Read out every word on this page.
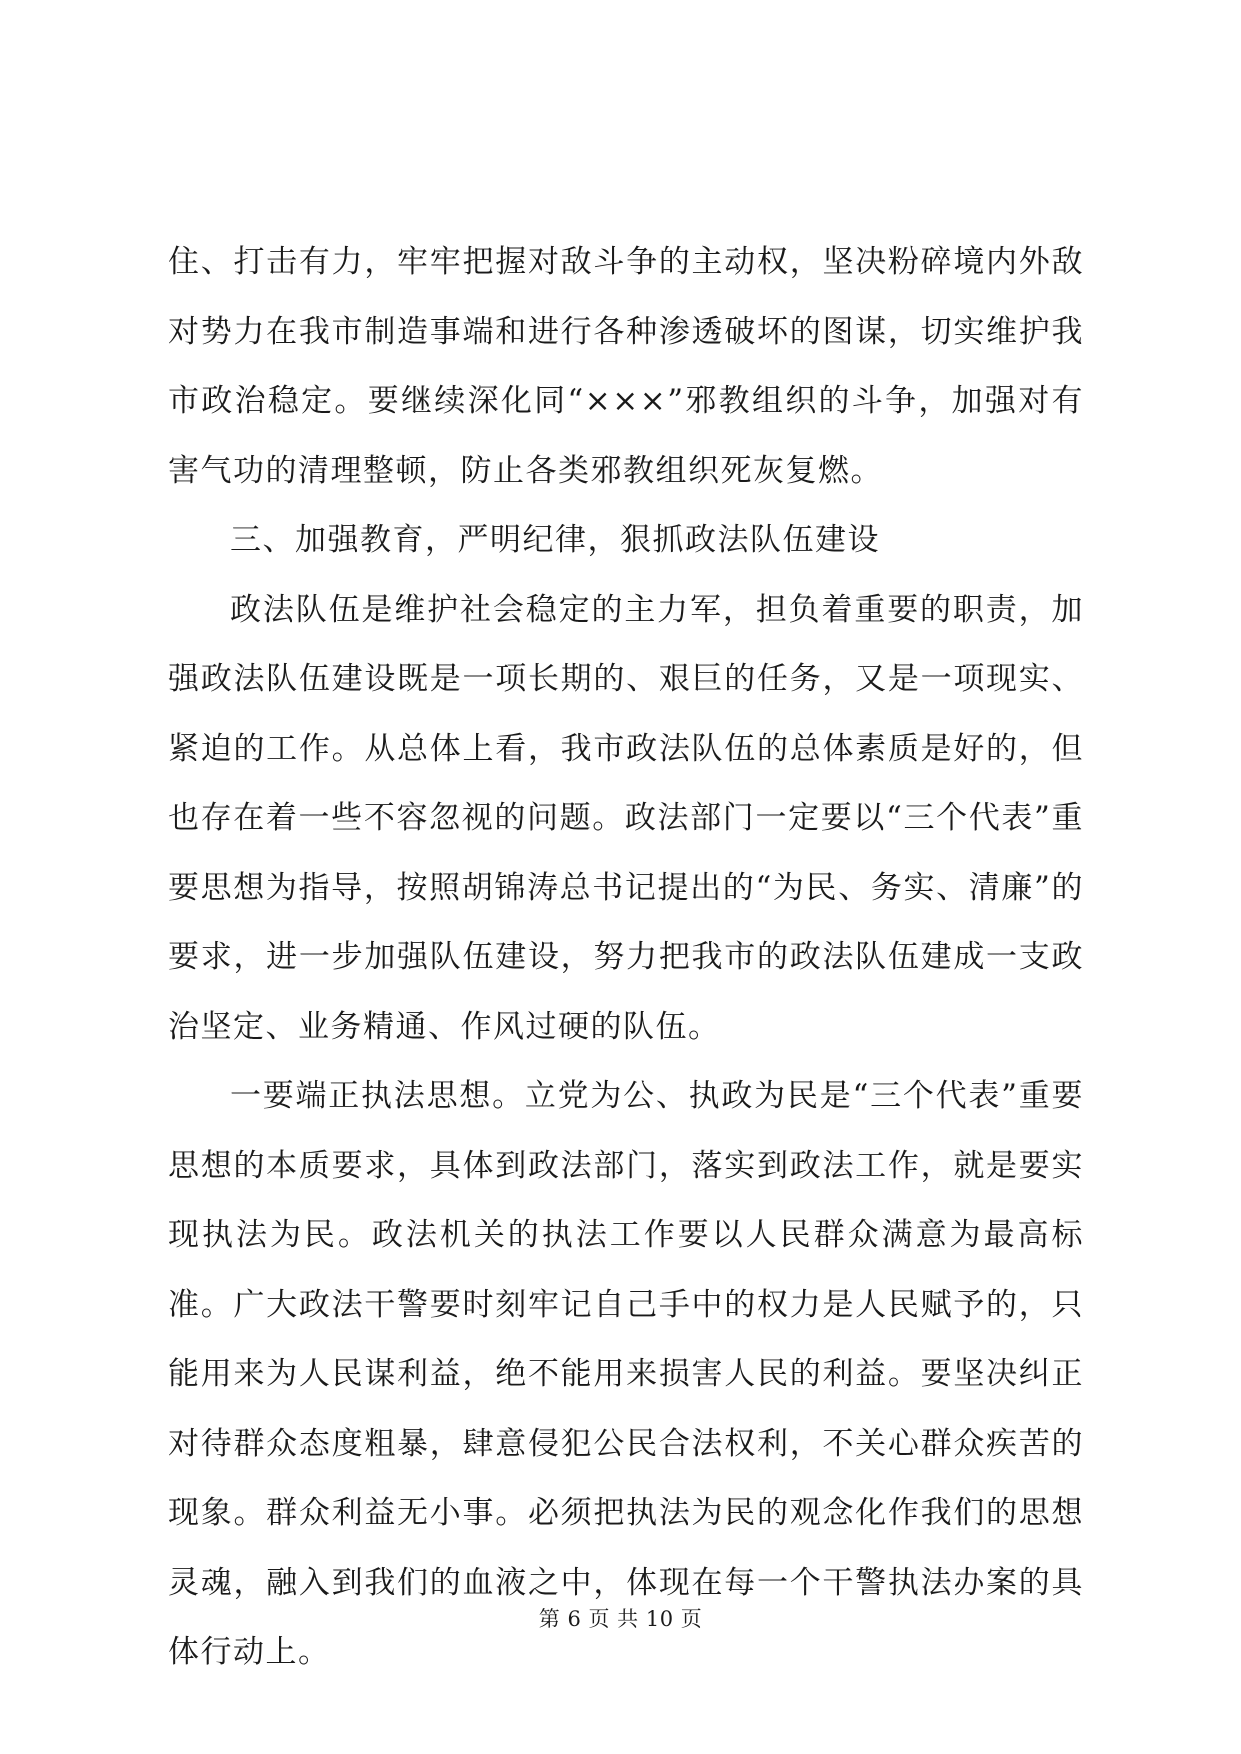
住、打击有力，牢牢把握对敌斗争的主动权，坚决粉碎境内外敌对势力在我市制造事端和进行各种渗透破坏的图谋，切实维护我市政治稳定。要继续深化同“×××”邪教组织的斗争，加强对有害气功的清理整顿，防止各类邪教组织死灰复燃。

三、加强教育，严明纪律，狠抓政法队伍建设

政法队伍是维护社会稳定的主力军，担负着重要的职责，加强政法队伍建设既是一项长期的、艰巨的任务，又是一项现实、紧迫的工作。从总体上看，我市政法队伍的总体素质是好的，但也存在着一些不容忽视的问题。政法部门一定要以“三个代表”重要思想为指导，按照胡锦涛总书记提出的“为民、务实、清廉”的要求，进一步加强队伍建设，努力把我市的政法队伍建成一支政治坚定、业务精通、作风过硬的队伍。

一要端正执法思想。立党为公、执政为民是“三个代表”重要思想的本质要求，具体到政法部门，落实到政法工作，就是要实现执法为民。政法机关的执法工作要以人民群众满意为最高标准。广大政法干警要时刻牢记自己手中的权力是人民赋予的，只能用来为人民谋利益，绝不能用来损害人民的利益。要坚决纠正对待群众态度粗暴，肆意侵犯公民合法权利，不关心群众疾苦的现象。群众利益无小事。必须把执法为民的观念化作我们的思想灵魂，融入到我们的血液之中，体现在每一个干警执法办案的具体行动上。

第 6 页 共 10 页
